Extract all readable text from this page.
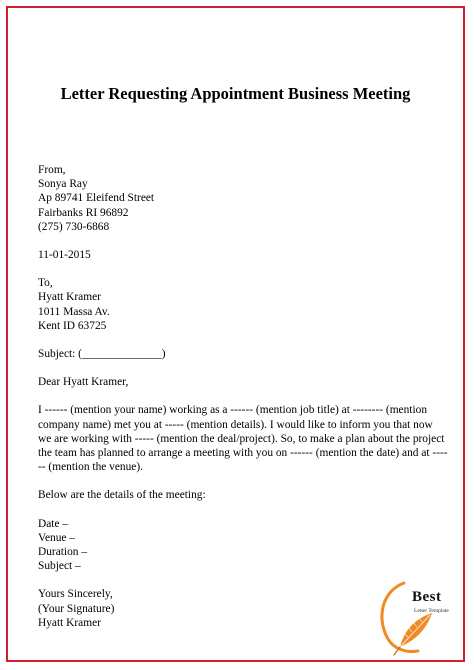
Letter Requesting Appointment Business Meeting
From,
Sonya Ray
Ap 89741 Eleifend Street
Fairbanks RI 96892
(275) 730-6868
11-01-2015
To,
Hyatt Kramer
1011 Massa Av.
Kent ID 63725
Subject: (______________)
Dear Hyatt Kramer,
I ------ (mention your name) working as a ------ (mention job title) at -------- (mention company name) met you at ----- (mention details). I would like to inform you that now we are working with ----- (mention the deal/project). So, to make a plan about the project the team has planned to arrange a meeting with you on ------ (mention the date) and at ------ (mention the venue).
Below are the details of the meeting:
Date –
Venue –
Duration –
Subject –
Yours Sincerely,
(Your Signature)
Hyatt Kramer
Best
Letter Template
